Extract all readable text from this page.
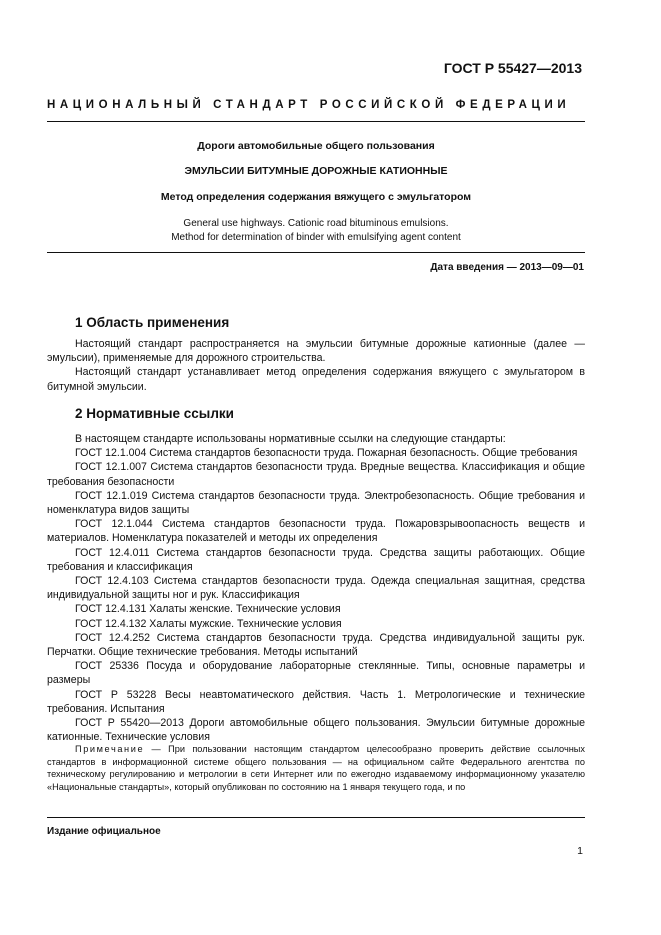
ГОСТ Р 55427—2013
НАЦИОНАЛЬНЫЙ СТАНДАРТ РОССИЙСКОЙ ФЕДЕРАЦИИ
Дороги автомобильные общего пользования
ЭМУЛЬСИИ БИТУМНЫЕ ДОРОЖНЫЕ КАТИОННЫЕ
Метод определения содержания вяжущего с эмульгатором
General use highways. Cationic road bituminous emulsions.
Method for determination of binder with emulsifying agent content
Дата введения — 2013—09—01
1 Область применения
Настоящий стандарт распространяется на эмульсии битумные дорожные катионные (далее — эмульсии), применяемые для дорожного строительства.
Настоящий стандарт устанавливает метод определения содержания вяжущего с эмульгатором в битумной эмульсии.
2 Нормативные ссылки
В настоящем стандарте использованы нормативные ссылки на следующие стандарты:
ГОСТ 12.1.004 Система стандартов безопасности труда. Пожарная безопасность. Общие требования
ГОСТ 12.1.007 Система стандартов безопасности труда. Вредные вещества. Классификация и общие требования безопасности
ГОСТ 12.1.019 Система стандартов безопасности труда. Электробезопасность. Общие требования и номенклатура видов защиты
ГОСТ 12.1.044 Система стандартов безопасности труда. Пожаровзрывоопасность веществ и материалов. Номенклатура показателей и методы их определения
ГОСТ 12.4.011 Система стандартов безопасности труда. Средства защиты работающих. Общие требования и классификация
ГОСТ 12.4.103 Система стандартов безопасности труда. Одежда специальная защитная, средства индивидуальной защиты ног и рук. Классификация
ГОСТ 12.4.131 Халаты женские. Технические условия
ГОСТ 12.4.132 Халаты мужские. Технические условия
ГОСТ 12.4.252 Система стандартов безопасности труда. Средства индивидуальной защиты рук. Перчатки. Общие технические требования. Методы испытаний
ГОСТ 25336 Посуда и оборудование лабораторные стеклянные. Типы, основные параметры и размеры
ГОСТ Р 53228 Весы неавтоматического действия. Часть 1. Метрологические и технические требования. Испытания
ГОСТ Р 55420—2013 Дороги автомобильные общего пользования. Эмульсии битумные дорожные катионные. Технические условия
Примечание — При пользовании настоящим стандартом целесообразно проверить действие ссылочных стандартов в информационной системе общего пользования — на официальном сайте Федерального агентства по техническому регулированию и метрологии в сети Интернет или по ежегодно издаваемому информационному указателю «Национальные стандарты», который опубликован по состоянию на 1 января текущего года, и по
Издание официальное
1
